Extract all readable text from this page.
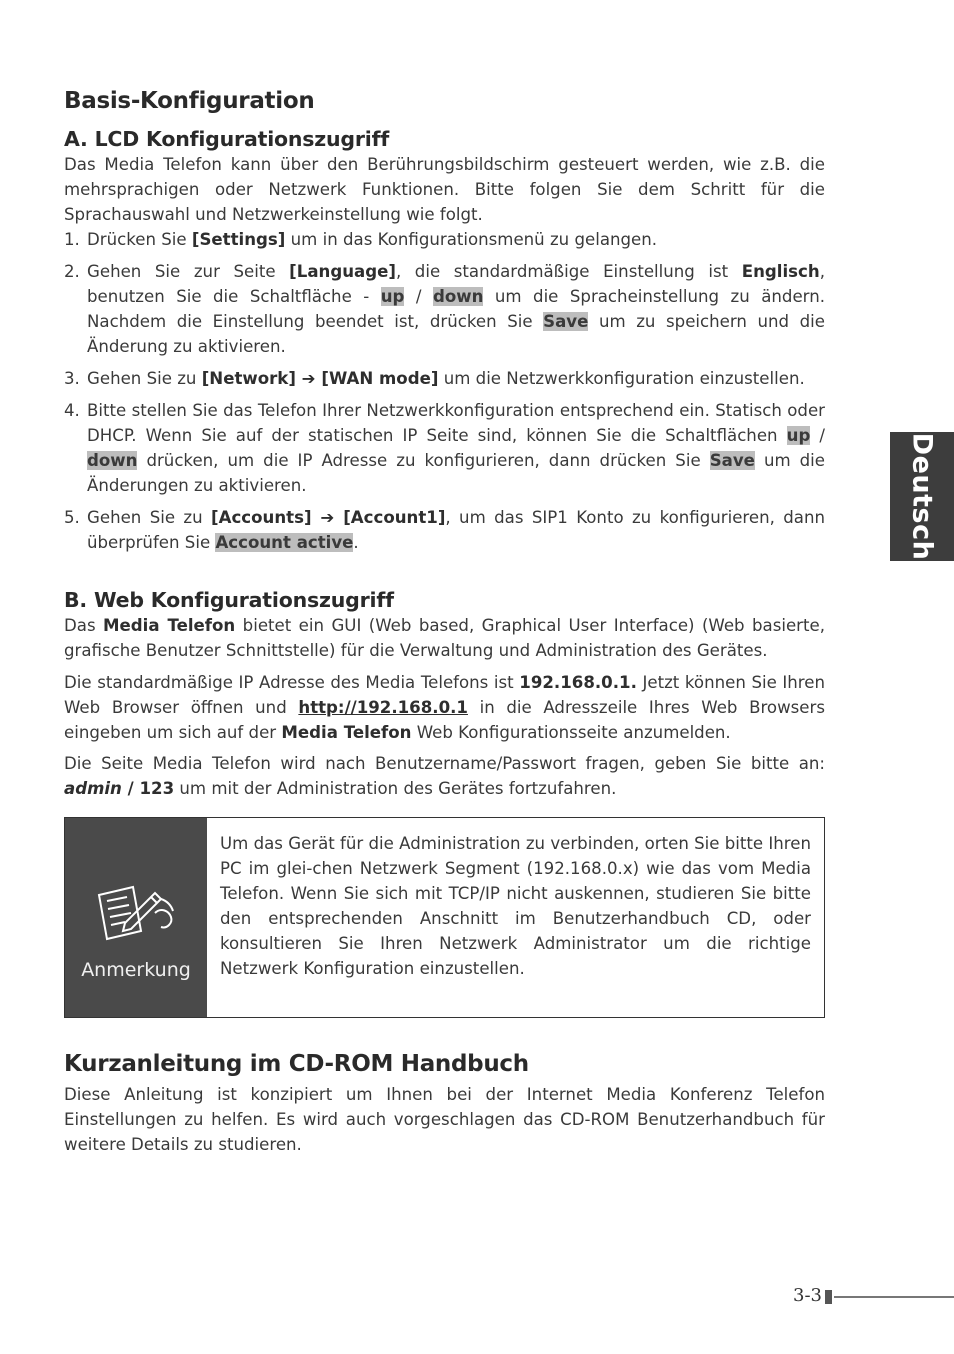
Deutsch
Basis-Konfiguration
A. LCD Konfigurationszugriff

Das Media Telefon kann über den Berührungsbildschirm gesteuert werden, wie z.B. die mehrsprachigen oder Netzwerk Funktionen. Bitte folgen Sie dem Schritt für die Sprachauswahl und Netzwerkeinstellung wie folgt.

1. Drücken Sie [Settings] um in das Konfigurationsmenü zu gelangen.
2. Gehen Sie zur Seite [Language], die standardmäßige Einstellung ist Englisch, benutzen Sie die Schaltfläche - up / down um die Spracheinstellung zu ändern. Nachdem die Einstellung beendet ist, drücken Sie Save um zu speichern und die Änderung zu aktivieren.
3. Gehen Sie zu [Network] ➔ [WAN mode] um die Netzwerkkonfiguration einzustellen.
4. Bitte stellen Sie das Telefon Ihrer Netzwerkkonfiguration entsprechend ein. Statisch oder DHCP. Wenn Sie auf der statischen IP Seite sind, können Sie die Schaltflächen up / down drücken, um die IP Adresse zu konfigurieren, dann drücken Sie Save um die Änderungen zu aktivieren.
5. Gehen Sie zu [Accounts] ➔ [Account1], um das SIP1 Konto zu konfigurieren, dann überprüfen Sie Account active.
B. Web Konfigurationszugriff

Das Media Telefon bietet ein GUI (Web based, Graphical User Interface) (Web basierte, grafische Benutzer Schnittstelle) für die Verwaltung und Administration des Gerätes.

Die standardmäßige IP Adresse des Media Telefons ist 192.168.0.1. Jetzt können Sie Ihren Web Browser öffnen und http://192.168.0.1 in die Adresszeile Ihres Web Browsers eingeben um sich auf der Media Telefon Web Konfigurationsseite anzumelden.

Die Seite Media Telefon wird nach Benutzername/Passwort fragen, geben Sie bitte an: admin / 123 um mit der Administration des Gerätes fortzufahren.

Anmerkung
Um das Gerät für die Administration zu verbinden, orten Sie bitte Ihren PC im glei-chen Netzwerk Segment (192.168.0.x) wie das vom Media Telefon. Wenn Sie sich mit TCP/IP nicht auskennen, studieren Sie bitte den entsprechenden Anschnitt im Benutzerhandbuch CD, oder konsultieren Sie Ihren Netzwerk Administrator um die richtige Netzwerk Konfiguration einzustellen.
Kurzanleitung im CD-ROM Handbuch

Diese Anleitung ist konzipiert um Ihnen bei der Internet Media Konferenz Telefon Einstellungen zu helfen. Es wird auch vorgeschlagen das CD-ROM Benutzerhandbuch für weitere Details zu studieren.

3-3
